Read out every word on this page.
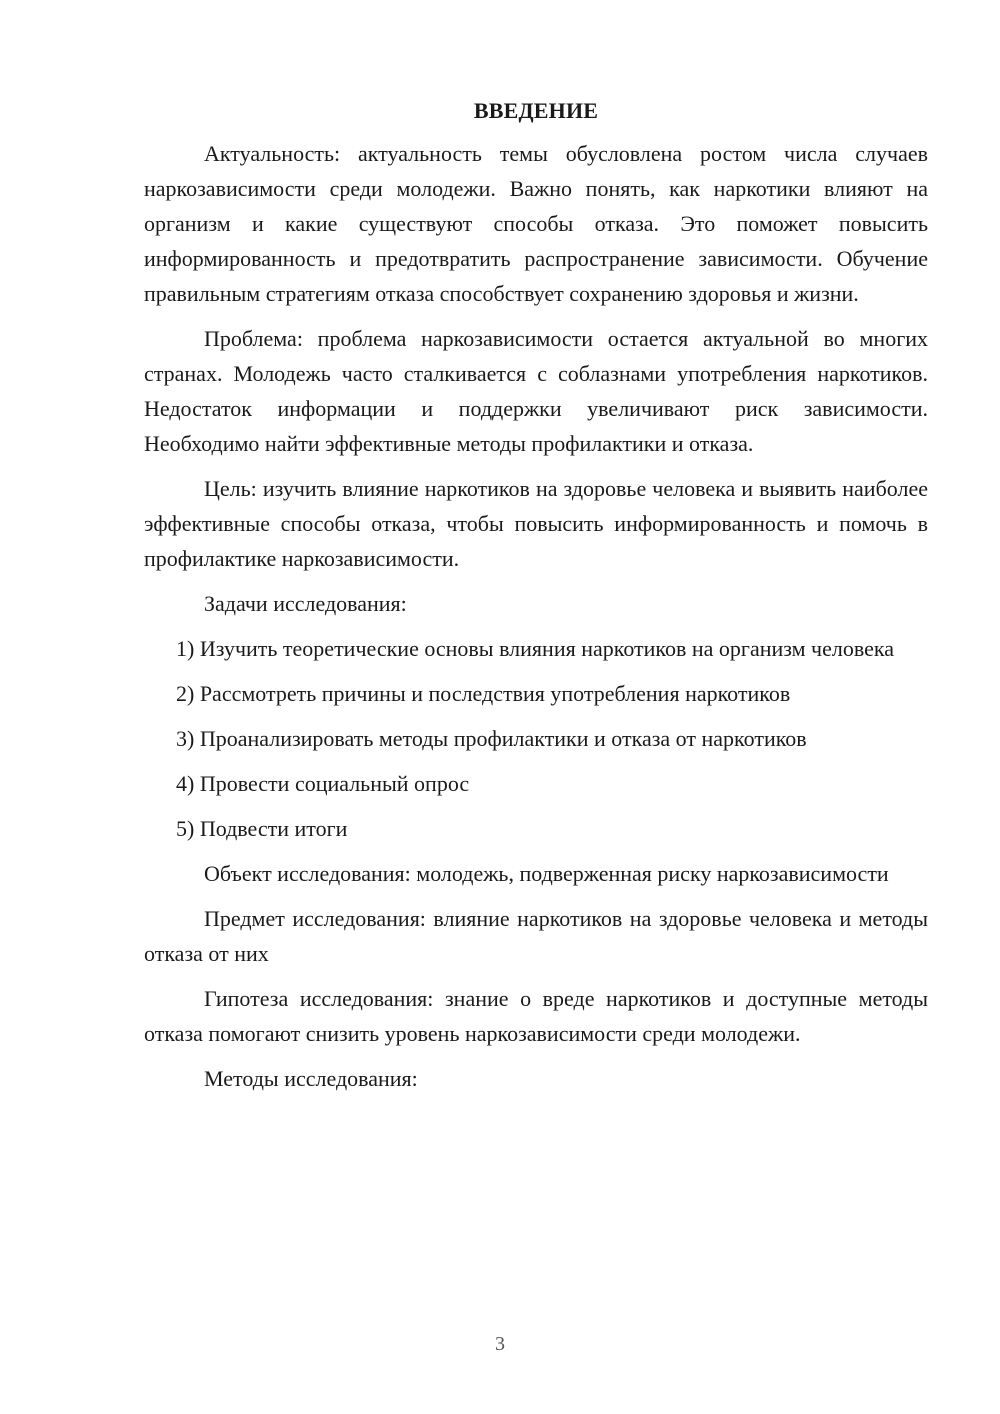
ВВЕДЕНИЕ

Актуальность: актуальность темы обусловлена ростом числа случаев наркозависимости среди молодежи. Важно понять, как наркотики влияют на организм и какие существуют способы отказа. Это поможет повысить информированность и предотвратить распространение зависимости. Обучение правильным стратегиям отказа способствует сохранению здоровья и жизни.

Проблема: проблема наркозависимости остается актуальной во многих странах. Молодежь часто сталкивается с соблазнами употребления наркотиков. Недостаток информации и поддержки увеличивают риск зависимости. Необходимо найти эффективные методы профилактики и отказа.

Цель: изучить влияние наркотиков на здоровье человека и выявить наиболее эффективные способы отказа, чтобы повысить информированность и помочь в профилактике наркозависимости.

Задачи исследования:

1) Изучить теоретические основы влияния наркотиков на организм человека

2) Рассмотреть причины и последствия употребления наркотиков

3) Проанализировать методы профилактики и отказа от наркотиков

4) Провести социальный опрос

5) Подвести итоги

Объект исследования: молодежь, подверженная риску наркозависимости

Предмет исследования: влияние наркотиков на здоровье человека и методы отказа от них

Гипотеза исследования: знание о вреде наркотиков и доступные методы отказа помогают снизить уровень наркозависимости среди молодежи.

Методы исследования:

3
